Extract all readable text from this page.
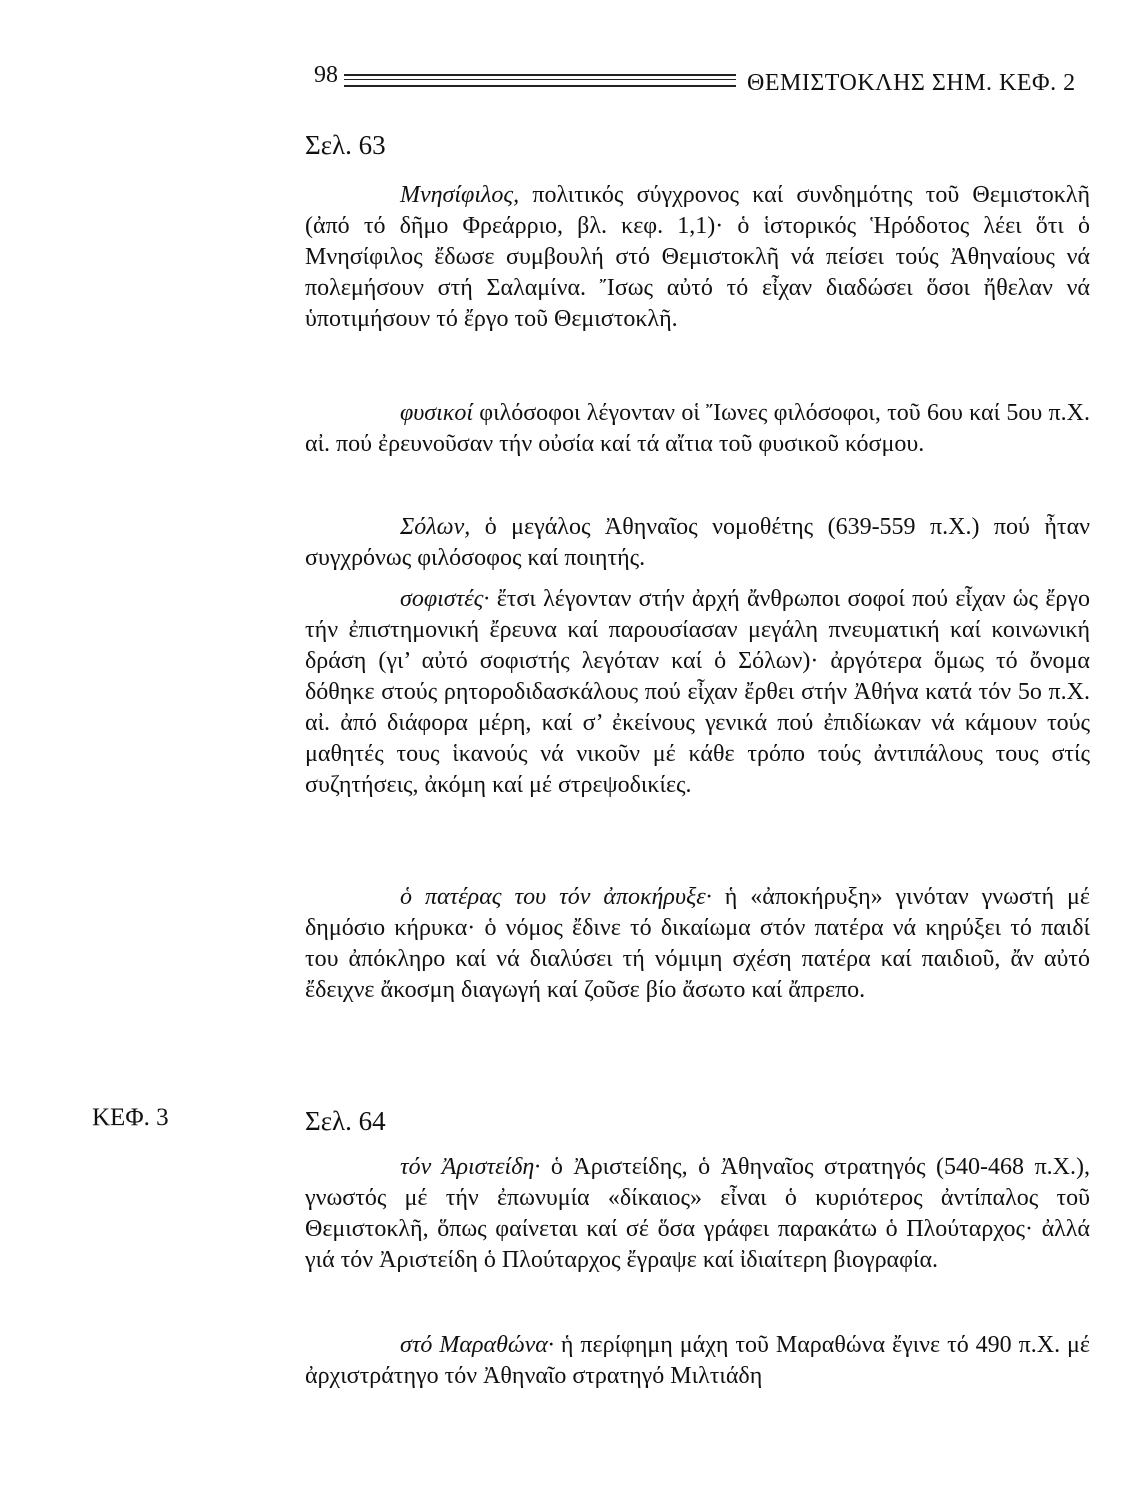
98	ΘΕΜΙΣΤΟΚΛΗΣ ΣΗΜ. ΚΕΦ. 2
Σελ. 63

Μνησίφιλος, πολιτικός σύγχρονος καί συνδημότης τοῦ Θεμιστοκλῆ (ἀπό τό δῆμο Φρεάρριο, βλ. κεφ. 1,1)· ὁ ἱστορικός Ἡρόδοτος λέει ὅτι ὁ Μνησίφιλος ἔδωσε συμβουλή στό Θεμιστοκλῆ νά πείσει τούς Ἀθηναίους νά πολεμήσουν στή Σαλαμίνα. Ἴσως αὐτό τό εἶχαν διαδώσει ὅσοι ἤθελαν νά ὑποτιμήσουν τό ἔργο τοῦ Θεμιστοκλῆ.

φυσικοί φιλόσοφοι λέγονταν οἱ Ἴωνες φιλόσοφοι, τοῦ 6ου καί 5ου π.Χ. αἰ. πού ἐρευνοῦσαν τήν οὐσία καί τά αἴτια τοῦ φυσικοῦ κόσμου.

Σόλων, ὁ μεγάλος Ἀθηναῖος νομοθέτης (639-559 π.Χ.) πού ἦταν συγχρόνως φιλόσοφος καί ποιητής.

σοφιστές· ἔτσι λέγονταν στήν ἀρχή ἄνθρωποι σοφοί πού εἶχαν ὡς ἔργο τήν ἐπιστημονική ἔρευνα καί παρουσίασαν μεγάλη πνευματική καί κοινωνική δράση (γι’ αὐτό σοφιστής λεγόταν καί ὁ Σόλων)· ἀργότερα ὅμως τό ὄνομα δόθηκε στούς ρητοροδιδασκάλους πού εἶχαν ἔρθει στήν Ἀθήνα κατά τόν 5ο π.Χ. αἰ. ἀπό διάφορα μέρη, καί σ’ ἐκείνους γενικά πού ἐπιδίωκαν νά κάμουν τούς μαθητές τους ἱκανούς νά νικοῦν μέ κάθε τρόπο τούς ἀντιπάλους τους στίς συζητήσεις, ἀκόμη καί μέ στρεψοδικίες.

ὁ πατέρας του τόν ἀποκήρυξε· ἡ «ἀποκήρυξη» γινόταν γνωστή μέ δημόσιο κήρυκα· ὁ νόμος ἔδινε τό δικαίωμα στόν πατέρα νά κηρύξει τό παιδί του ἀπόκληρο καί νά διαλύσει τή νόμιμη σχέση πατέρα καί παιδιοῦ, ἄν αὐτό ἔδειχνε ἄκοσμη διαγωγή καί ζοῦσε βίο ἄσωτο καί ἄπρεπο.

ΚΕΦ. 3	Σελ. 64

τόν Ἀριστείδη· ὁ Ἀριστείδης, ὁ Ἀθηναῖος στρατηγός (540-468 π.Χ.), γνωστός μέ τήν ἐπωνυμία «δίκαιος» εἶναι ὁ κυριότερος ἀντίπαλος τοῦ Θεμιστοκλῆ, ὅπως φαίνεται καί σέ ὅσα γράφει παρακάτω ὁ Πλούταρχος· ἀλλά γιά τόν Ἀριστείδη ὁ Πλούταρχος ἔγραψε καί ἰδιαίτερη βιογραφία.

στό Μαραθώνα· ἡ περίφημη μάχη τοῦ Μαραθώνα ἔγινε τό 490 π.Χ. μέ ἀρχιστράτηγο τόν Ἀθηναῖο στρατηγό Μιλτιάδη
